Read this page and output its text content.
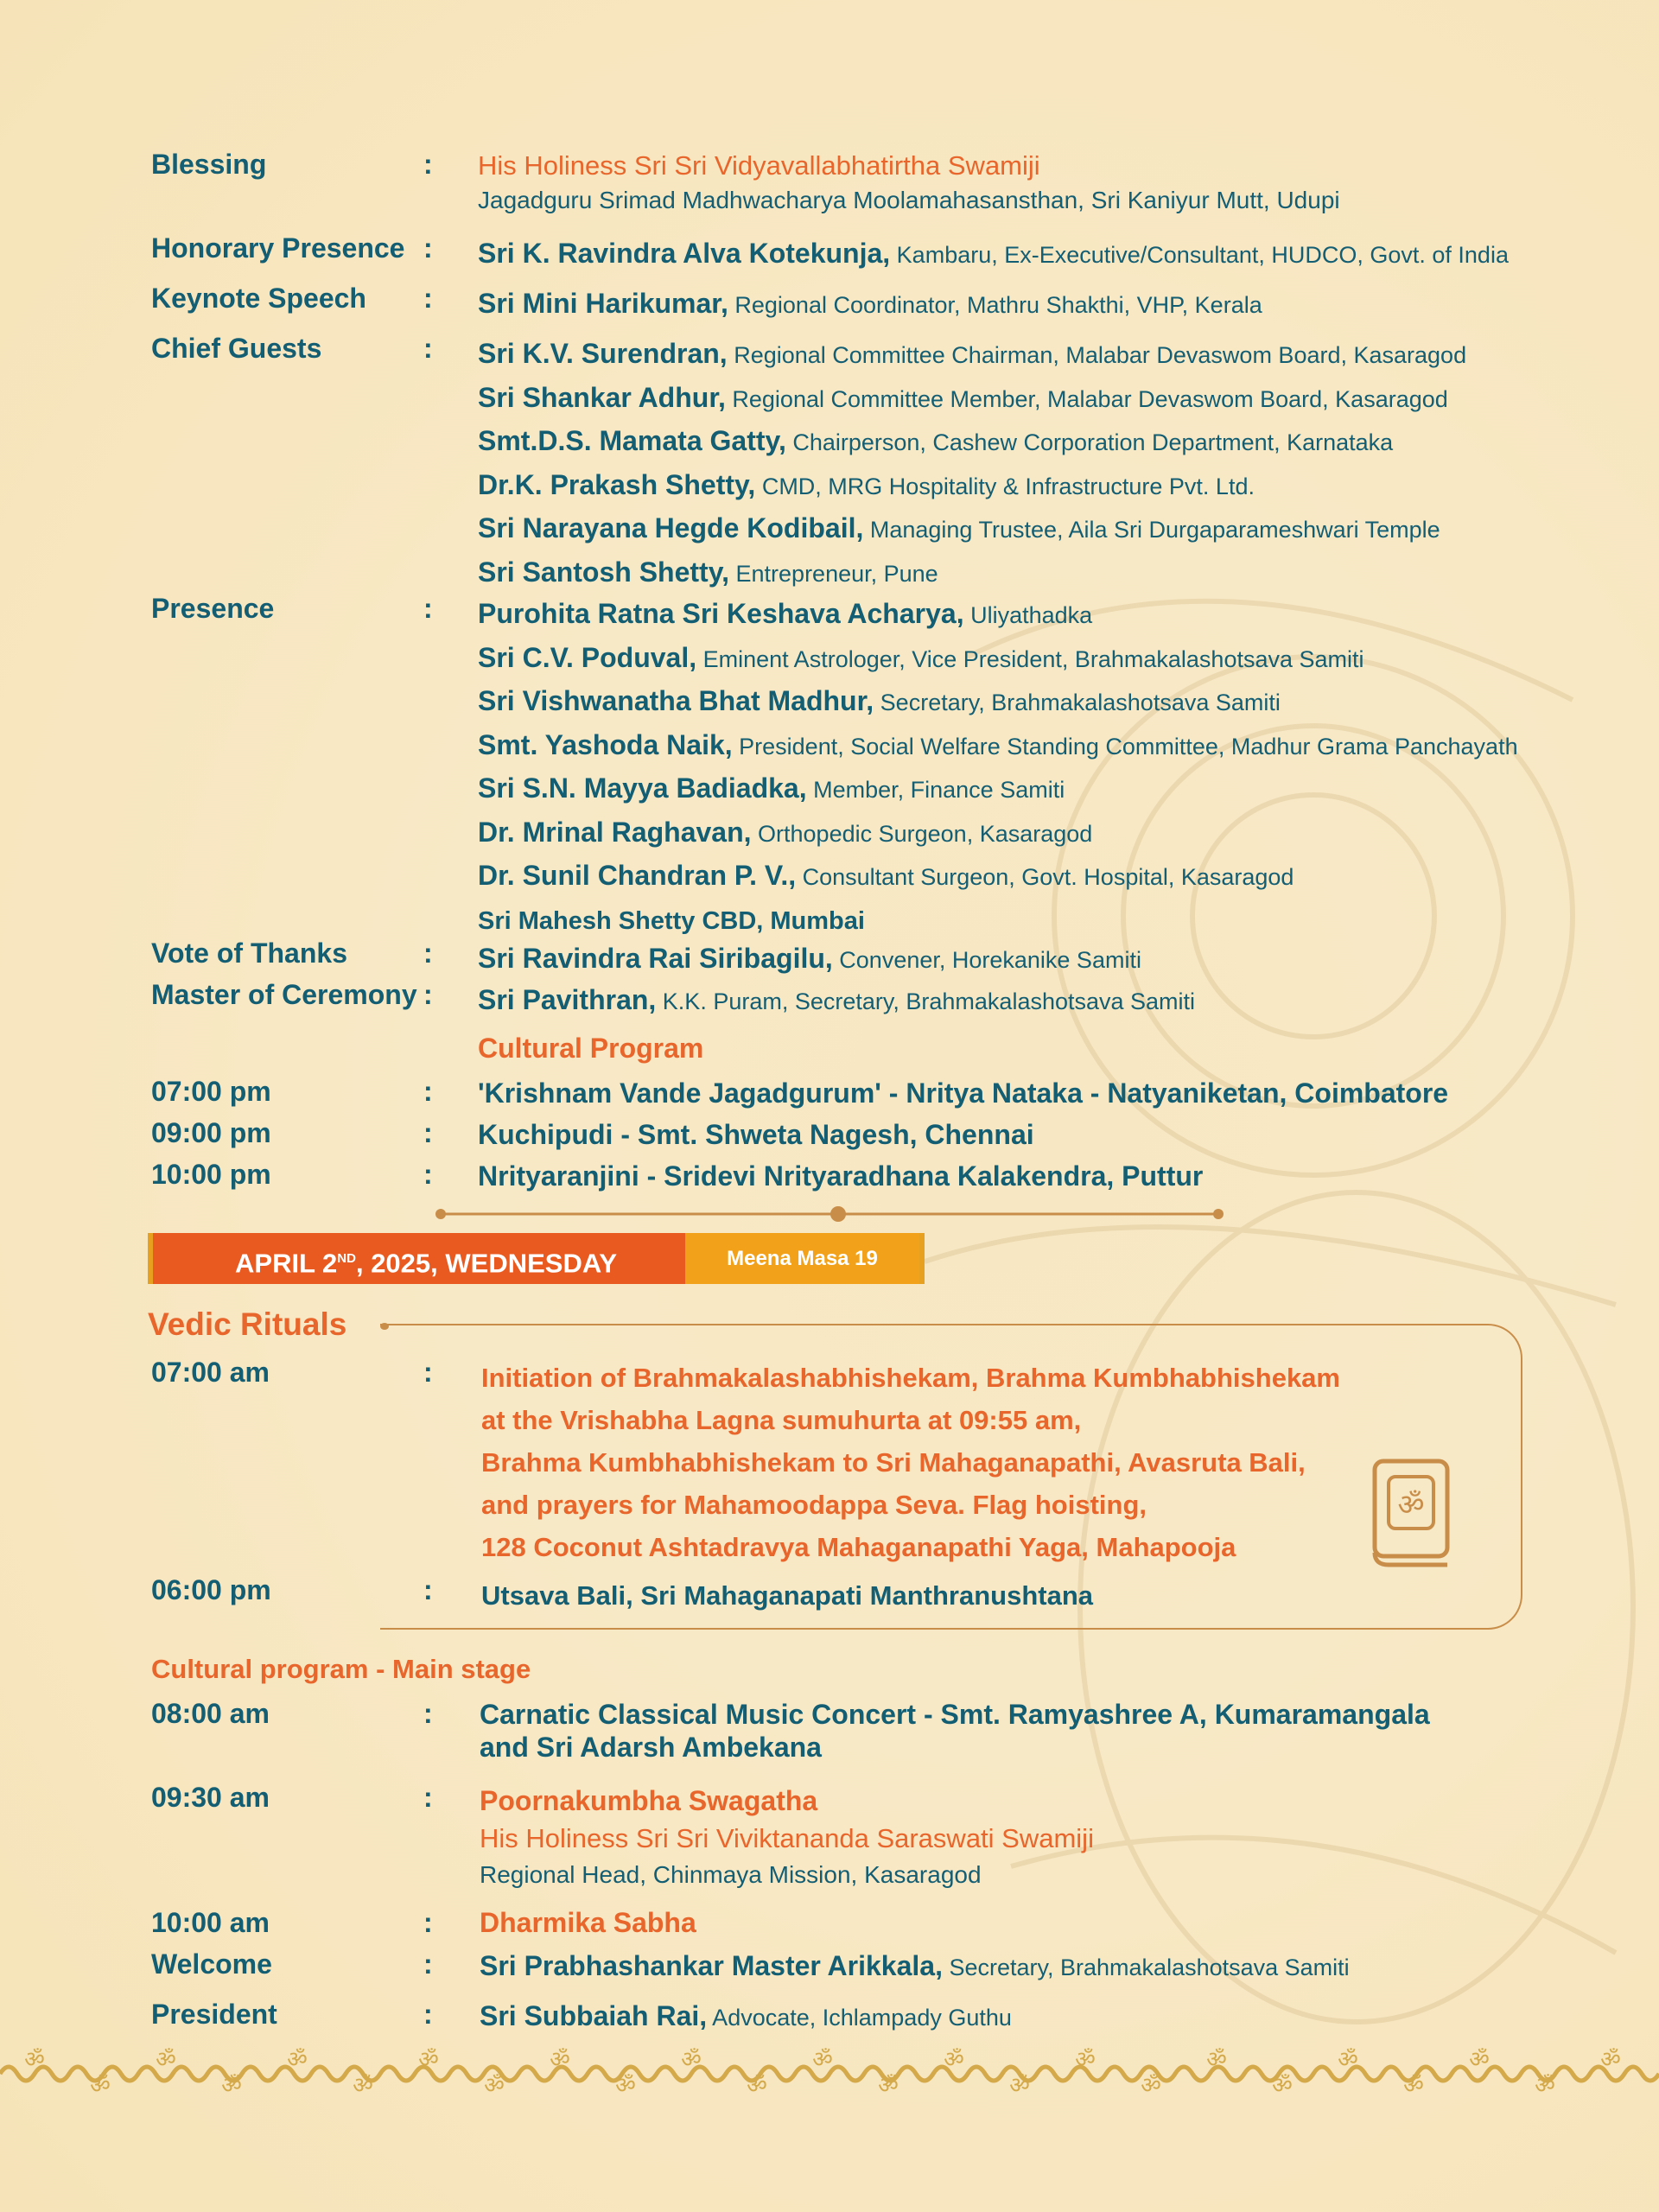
Blessing	: His Holiness Sri Sri Vidyavallabhatirtha Swamiji
Jagadguru Srimad Madhwacharya Moolamahasansthan, Sri Kaniyur Mutt, Udupi
Honorary Presence : Sri K. Ravindra Alva Kotekunja, Kambaru, Ex-Executive/Consultant, HUDCO, Govt. of India
Keynote Speech : Sri Mini Harikumar, Regional Coordinator, Mathru Shakthi, VHP, Kerala
Chief Guests	: Sri K.V. Surendran, Regional Committee Chairman, Malabar Devaswom Board, Kasaragod
Sri Shankar Adhur, Regional Committee Member, Malabar Devaswom Board, Kasaragod
Smt.D.S. Mamata Gatty, Chairperson, Cashew Corporation Department, Karnataka
Dr.K. Prakash Shetty, CMD, MRG Hospitality & Infrastructure Pvt. Ltd.
Sri Narayana Hegde Kodibail, Managing Trustee, Aila Sri Durgaparameshwari Temple
Sri Santosh Shetty, Entrepreneur, Pune
Presence	: Purohita Ratna Sri Keshava Acharya, Uliyathadka
Sri C.V. Poduval, Eminent Astrologer, Vice President, Brahmakalashotsava Samiti
Sri Vishwanatha Bhat Madhur, Secretary, Brahmakalashotsava Samiti
Smt. Yashoda Naik, President, Social Welfare Standing Committee, Madhur Grama Panchayath
Sri S.N. Mayya Badiadka, Member, Finance Samiti
Dr. Mrinal Raghavan, Orthopedic Surgeon, Kasaragod
Dr. Sunil Chandran P. V., Consultant Surgeon, Govt. Hospital, Kasaragod
Sri Mahesh Shetty CBD, Mumbai
Vote of Thanks	: Sri Ravindra Rai Siribagilu, Convener, Horekanike Samiti
Master of Ceremony : Sri Pavithran, K.K. Puram, Secretary, Brahmakalashotsava Samiti
Cultural Program
07:00 pm	: 'Krishnam Vande Jagadgurum' - Nritya Nataka - Natyaniketan, Coimbatore
09:00 pm	: Kuchipudi - Smt. Shweta Nagesh, Chennai
10:00 pm	: Nrityaranjini - Sridevi Nrityaradhana Kalakendra, Puttur
APRIL 2ND, 2025, WEDNESDAY	Meena Masa 19
Vedic Rituals
ॐ
07:00 am	: Initiation of Brahmakalashabhishekam, Brahma Kumbhabhishekam
at the Vrishabha Lagna sumuhurta at 09:55 am,
Brahma Kumbhabhishekam to Sri Mahaganapathi, Avasruta Bali,
and prayers for Mahamoodappa Seva. Flag hoisting,
128 Coconut Ashtadravya Mahaganapathi Yaga, Mahapooja
06:00 pm	: Utsava Bali, Sri Mahaganapati Manthranushtana
Cultural program - Main stage
08:00 am	: Carnatic Classical Music Concert - Smt. Ramyashree A, Kumaramangala
and Sri Adarsh Ambekana
09:30 am	: Poornakumbha Swagatha
His Holiness Sri Sri Viviktananda Saraswati Swamiji
Regional Head, Chinmaya Mission, Kasaragod
10:00 am	: Dharmika Sabha
Welcome	: Sri Prabhashankar Master Arikkala, Secretary, Brahmakalashotsava Samiti
President	: Sri Subbaiah Rai, Advocate, Ichlampady Guthu
ॐ
ॐ
ॐ
ॐ
ॐ
ॐ
ॐ
ॐ
ॐ
ॐ
ॐ
ॐ
ॐ
ॐ
ॐ
ॐ
ॐ
ॐ
ॐ
ॐ
ॐ
ॐ
ॐ
ॐ
ॐ
